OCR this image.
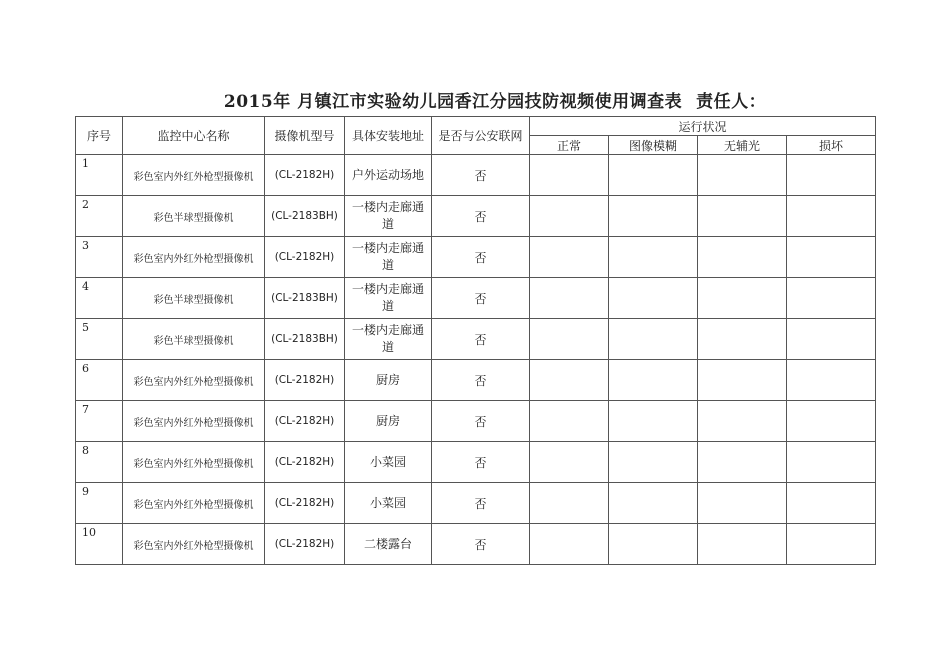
2015年 月镇江市实验幼儿园香江分园技防视频使用调查表 责任人：
序号	监控中心名称	摄像机型号	具体安装地址	是否与公安联网	运行状况			
					正常	图像模糊	无辅光	损坏
1	彩色室内外红外枪型摄像机	(CL-2182H)	户外运动场地	否				
2	彩色半球型摄像机	(CL-2183BH)	一楼内走廊通道	否				
3	彩色室内外红外枪型摄像机	(CL-2182H)	一楼内走廊通道	否				
4	彩色半球型摄像机	(CL-2183BH)	一楼内走廊通道	否				
5	彩色半球型摄像机	(CL-2183BH)	一楼内走廊通道	否				
6	彩色室内外红外枪型摄像机	(CL-2182H)	厨房	否				
7	彩色室内外红外枪型摄像机	(CL-2182H)	厨房	否				
8	彩色室内外红外枪型摄像机	(CL-2182H)	小菜园	否				
9	彩色室内外红外枪型摄像机	(CL-2182H)	小菜园	否				
10	彩色室内外红外枪型摄像机	(CL-2182H)	二楼露台	否				
